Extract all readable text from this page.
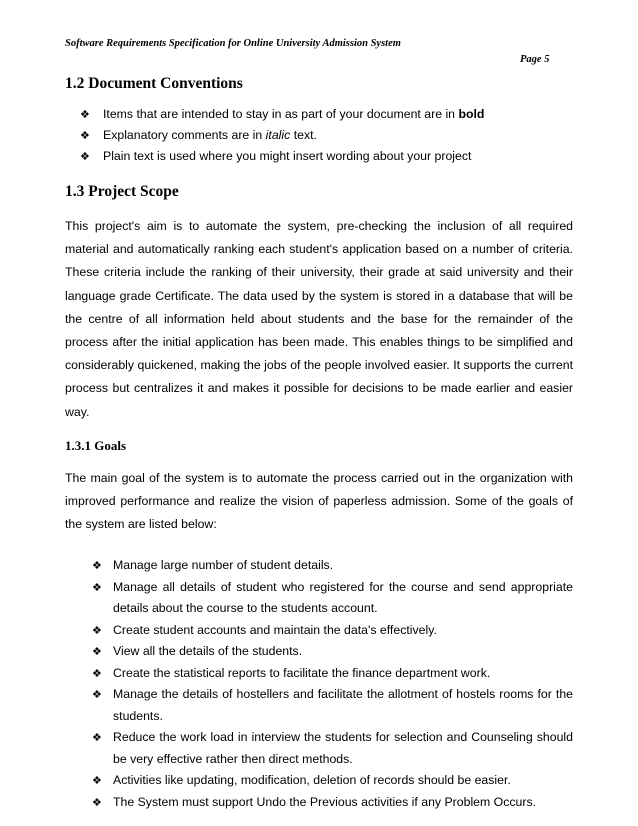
Software Requirements Specification for Online University Admission System
Page 5
1.2 Document Conventions
❖ Items that are intended to stay in as part of your document are in bold
❖ Explanatory comments are in italic text.
❖ Plain text is used where you might insert wording about your project
1.3 Project Scope

This project's aim is to automate the system, pre-checking the inclusion of all required material and automatically ranking each student's application based on a number of criteria. These criteria include the ranking of their university, their grade at said university and their language grade Certificate. The data used by the system is stored in a database that will be the centre of all information held about students and the base for the remainder of the process after the initial application has been made. This enables things to be simplified and considerably quickened, making the jobs of the people involved easier. It supports the current process but centralizes it and makes it possible for decisions to be made earlier and easier way.

1.3.1 Goals

The main goal of the system is to automate the process carried out in the organization with improved performance and realize the vision of paperless admission. Some of the goals of the system are listed below:

❖ Manage large number of student details.
❖ Manage all details of student who registered for the course and send appropriate details about the course to the students account.
❖ Create student accounts and maintain the data's effectively.
❖ View all the details of the students.
❖ Create the statistical reports to facilitate the finance department work.
❖ Manage the details of hostellers and facilitate the allotment of hostels rooms for the students.
❖ Reduce the work load in interview the students for selection and Counseling should be very effective rather then direct methods.
❖ Activities like updating, modification, deletion of records should be easier.
❖ The System must support Undo the Previous activities if any Problem Occurs.
